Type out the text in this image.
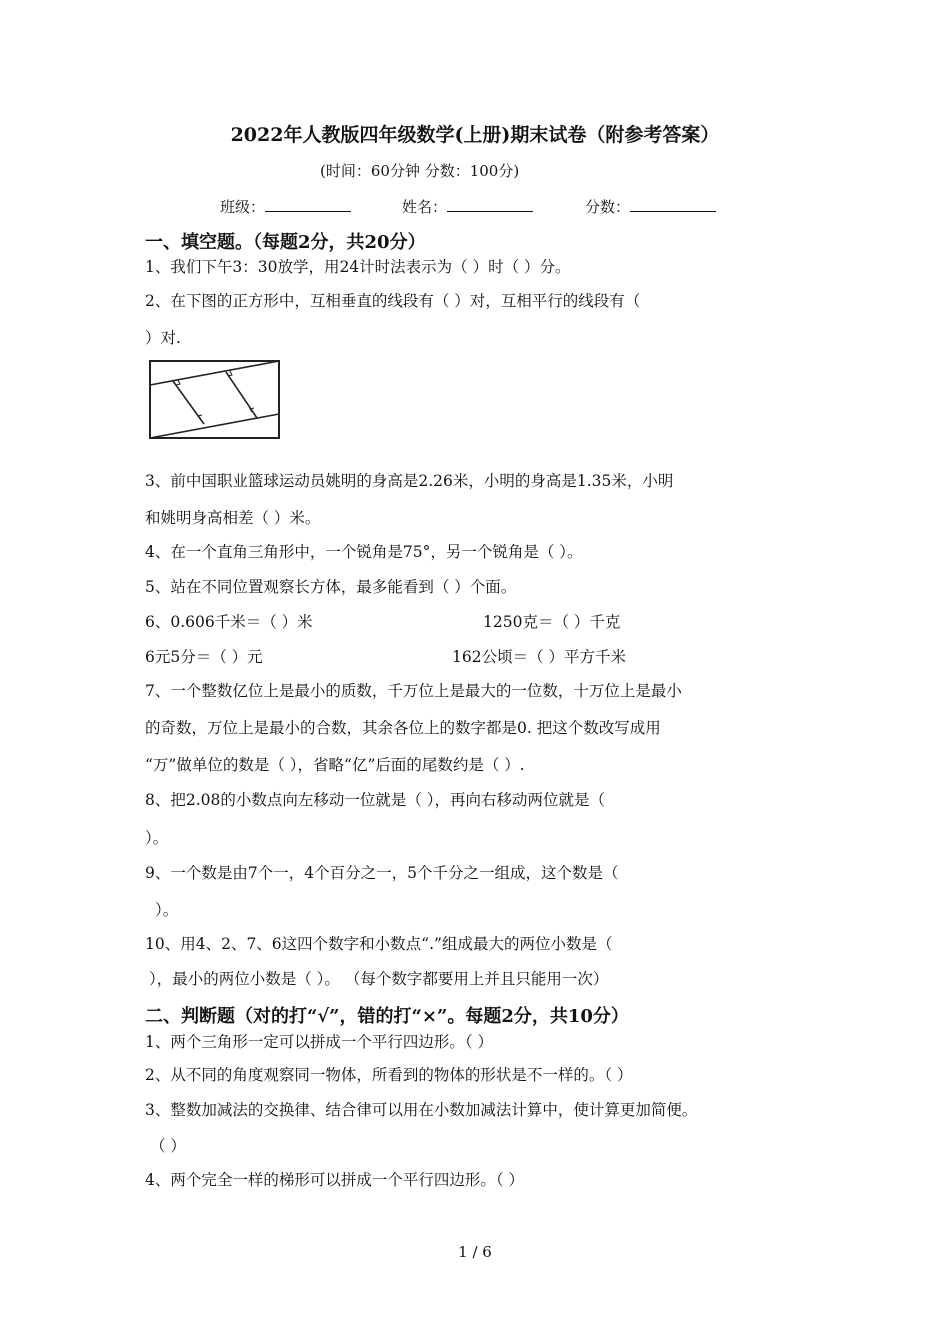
2022年人教版四年级数学(上册)期末试卷（附参考答案）
(时间：60分钟 分数：100分)
班级：	姓名：	分数：
一、填空题。（每题2分，共20分）
1、我们下午3：30放学，用24计时法表示为（ ）时（ ）分。
2、在下图的正方形中，互相垂直的线段有（ ）对，互相平行的线段有（
）对.
3、前中国职业篮球运动员姚明的身高是2.26米，小明的身高是1.35米，小明
和姚明身高相差（ ）米。
4、在一个直角三角形中，一个锐角是75°，另一个锐角是（ ）。
5、站在不同位置观察长方体，最多能看到（ ）个面。
6、0.606千米＝（ ）米	1250克＝（ ）千克
6元5分＝（ ）元	162公顷＝（ ）平方千米
7、一个整数亿位上是最小的质数，千万位上是最大的一位数，十万位上是最小
的奇数，万位上是最小的合数，其余各位上的数字都是0. 把这个数改写成用
“万”做单位的数是（ ），省略“亿”后面的尾数约是（ ）.
8、把2.08的小数点向左移动一位就是（ ），再向右移动两位就是（
）。
9、一个数是由7个一，4个百分之一，5个千分之一组成，这个数是（
）。
10、用4、2、7、6这四个数字和小数点“.”组成最大的两位小数是（
），最小的两位小数是（ ）。 （每个数字都要用上并且只能用一次）
二、判断题（对的打“√”，错的打“×”。每题2分，共10分）
1、两个三角形一定可以拼成一个平行四边形。（ ）
2、从不同的角度观察同一物体，所看到的物体的形状是不一样的。（ ）
3、整数加减法的交换律、结合律可以用在小数加减法计算中，使计算更加简便。
（ ）
4、两个完全一样的梯形可以拼成一个平行四边形。（ ）
1 / 6
